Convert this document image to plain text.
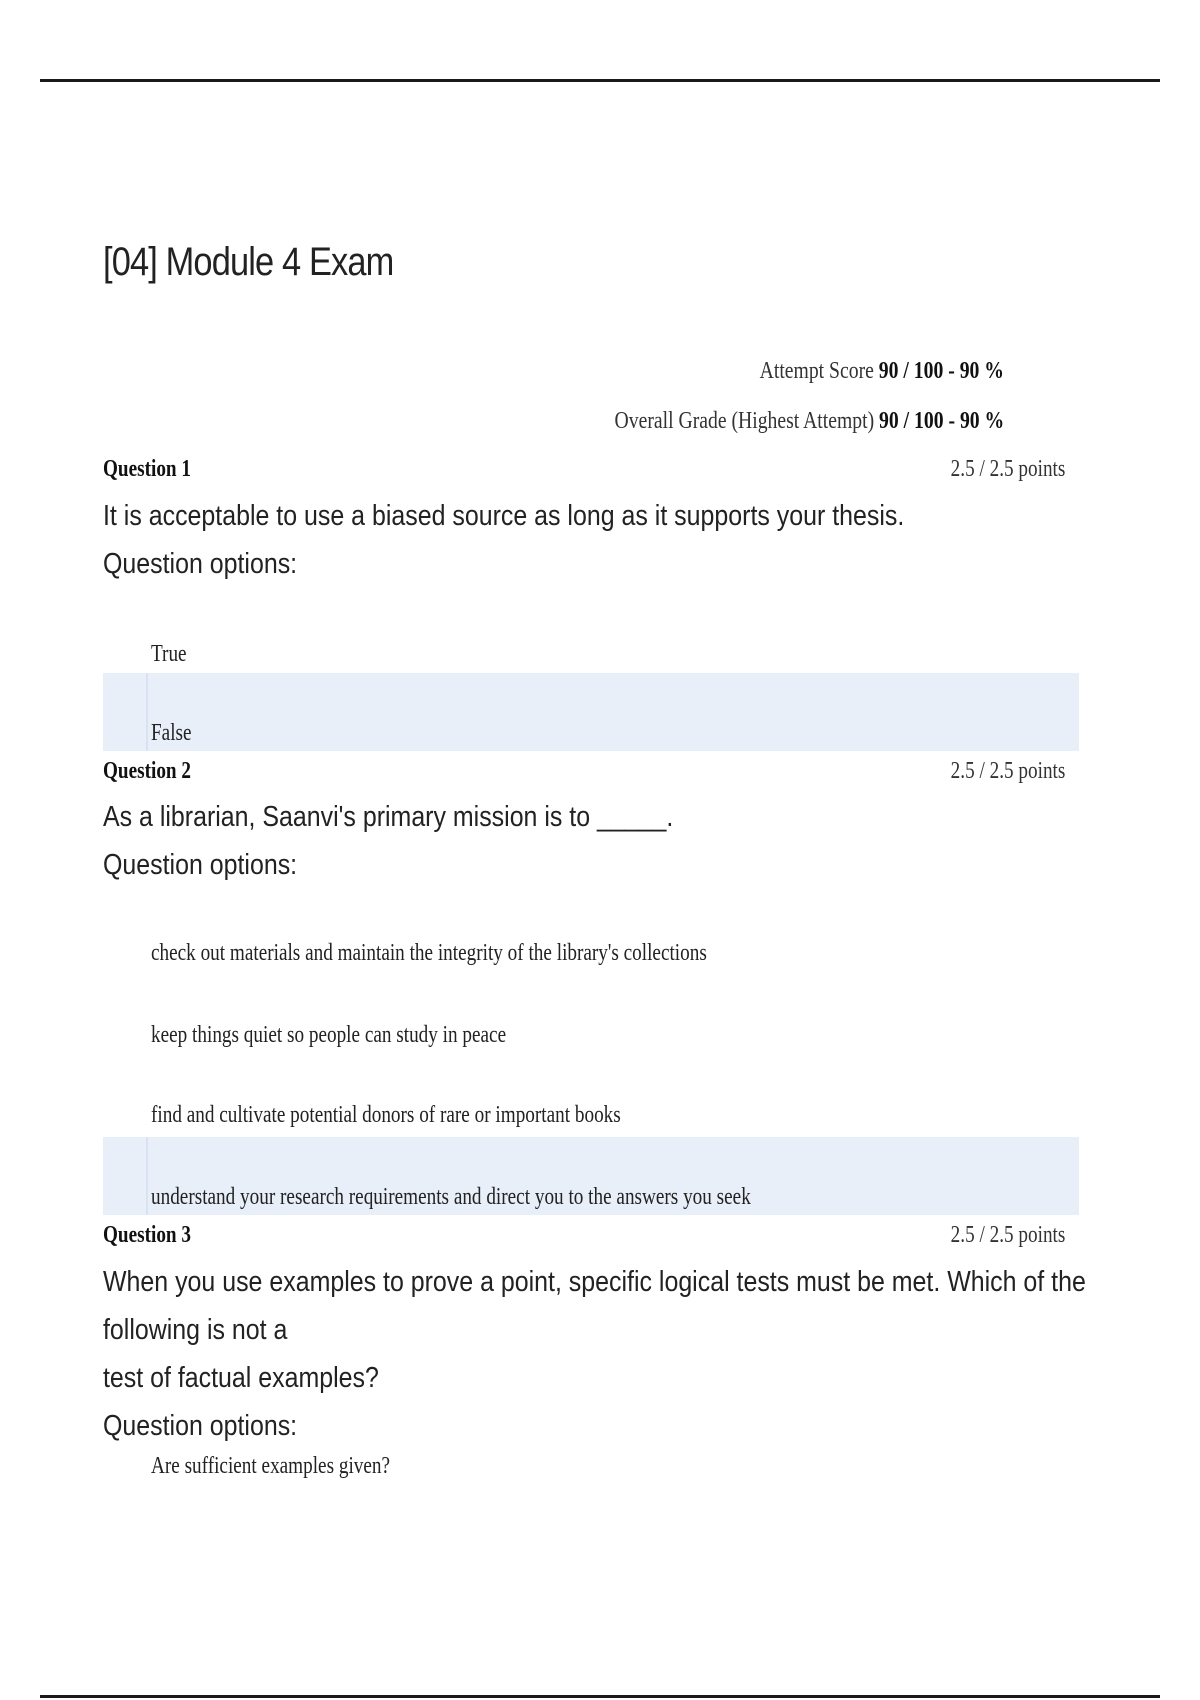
[04] Module 4 Exam
Attempt Score 90 / 100 - 90 %
Overall Grade (Highest Attempt) 90 / 100 - 90 %
Question 1	2.5 / 2.5 points
It is acceptable to use a biased source as long as it supports your thesis.
Question options:
True
False
Question 2	2.5 / 2.5 points
As a librarian, Saanvi's primary mission is to _____.
Question options:
check out materials and maintain the integrity of the library's collections
keep things quiet so people can study in peace
find and cultivate potential donors of rare or important books
understand your research requirements and direct you to the answers you seek
Question 3	2.5 / 2.5 points
When you use examples to prove a point, specific logical tests must be met. Which of the following is not a
test of factual examples?
Question options:
Are sufficient examples given?
